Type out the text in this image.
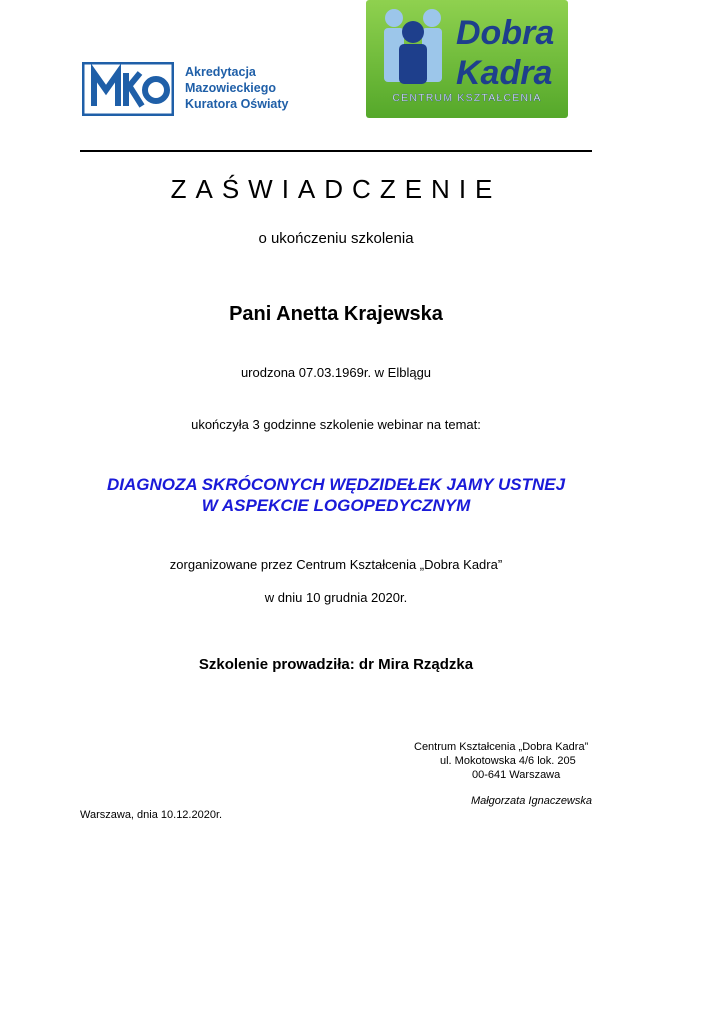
Akredytacja
Mazowieckiego
Kuratora Oświaty
Dobra
Kadra
CENTRUM KSZTAŁCENIA
ZAŚWIADCZENIE
o ukończeniu szkolenia
Pani Anetta Krajewska
urodzona 07.03.1969r. w Elblągu
ukończyła 3 godzinne szkolenie webinar na temat:
DIAGNOZA SKRÓCONYCH WĘDZIDEŁEK JAMY USTNEJ
W ASPEKCIE LOGOPEDYCZNYM
zorganizowane przez Centrum Kształcenia „Dobra Kadra”
w dniu 10 grudnia 2020r.
Szkolenie prowadziła: dr Mira Rządzka
Centrum Kształcenia „Dobra Kadra”
ul. Mokotowska 4/6 lok. 205
00-641 Warszawa
Małgorzata Ignaczewska
Warszawa, dnia 10.12.2020r.
